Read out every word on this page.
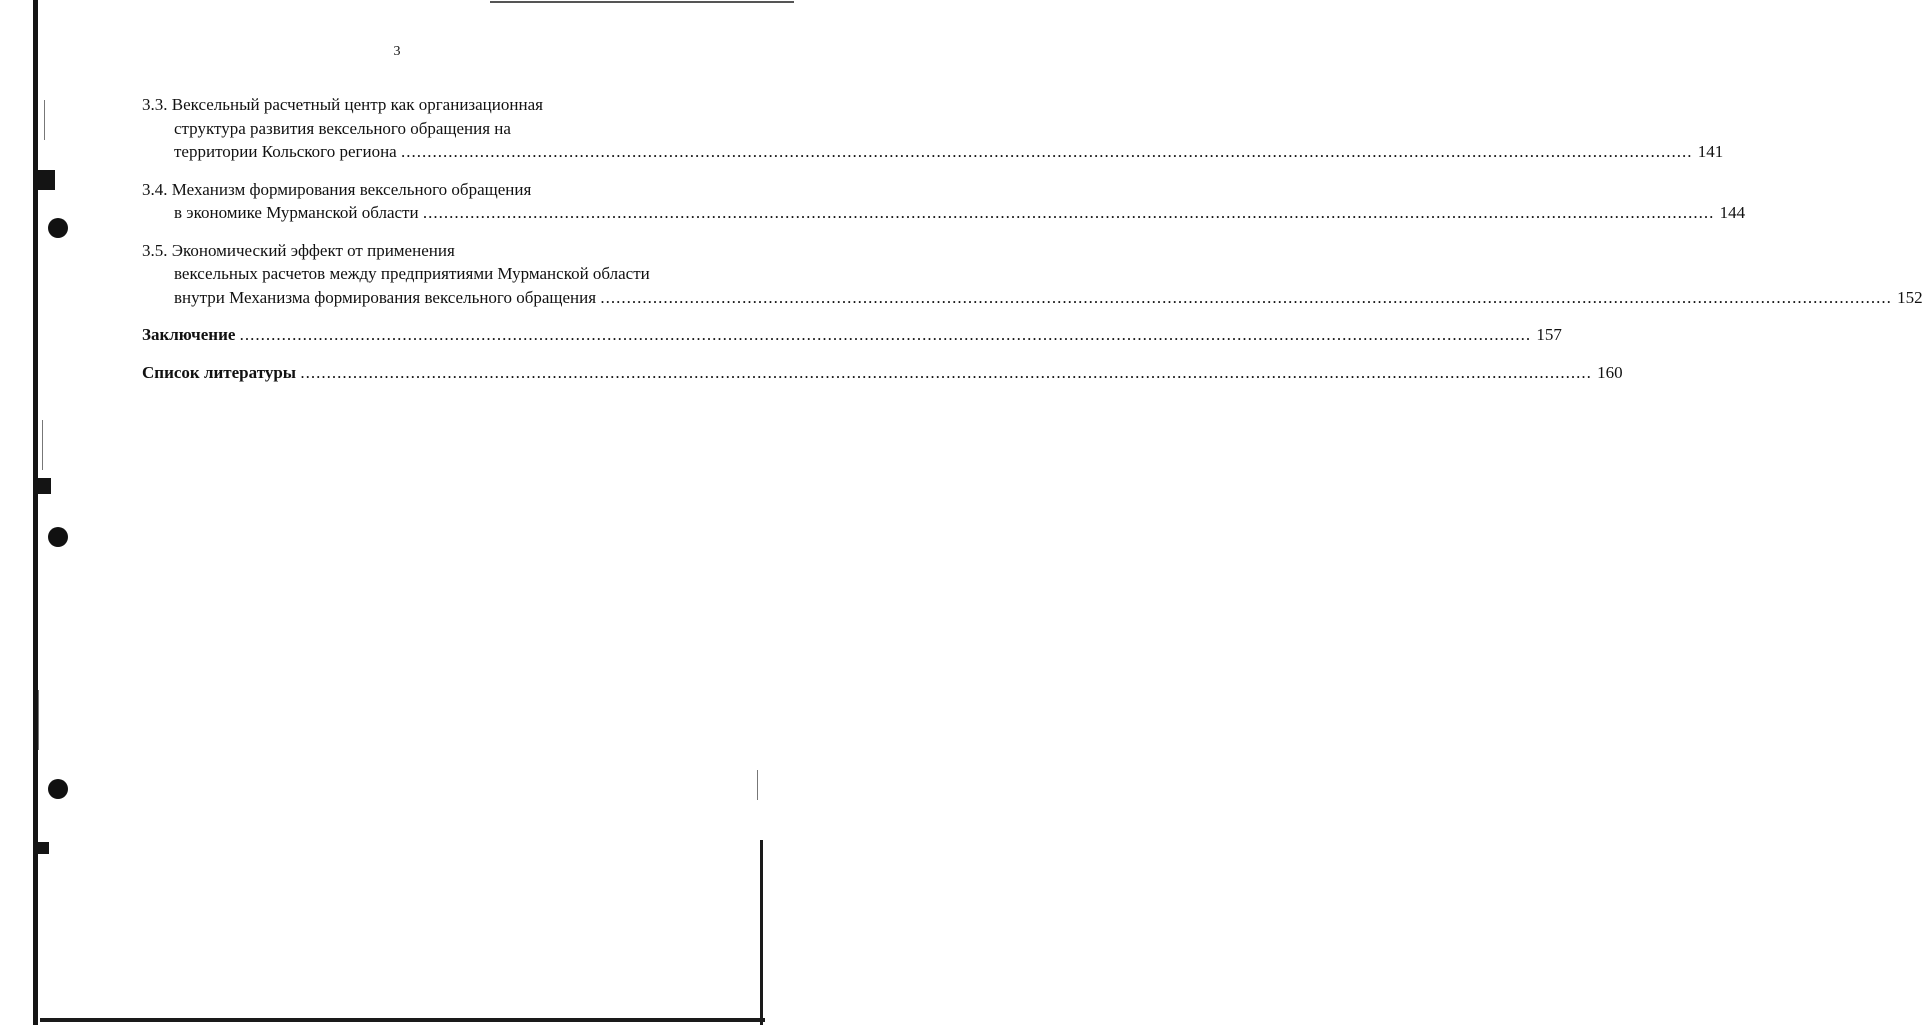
3
3.3. Вексельный расчетный центр как организационная
структура развития вексельного обращения на
территории Кольского региона .....	141
3.4. Механизм формирования вексельного обращения
в экономике Мурманской области .....	144
3.5. Экономический эффект от применения
вексельных расчетов между предприятиями Мурманской области
внутри Механизма формирования вексельного обращения .....	152
Заключение .....	157
Список литературы .....	160
